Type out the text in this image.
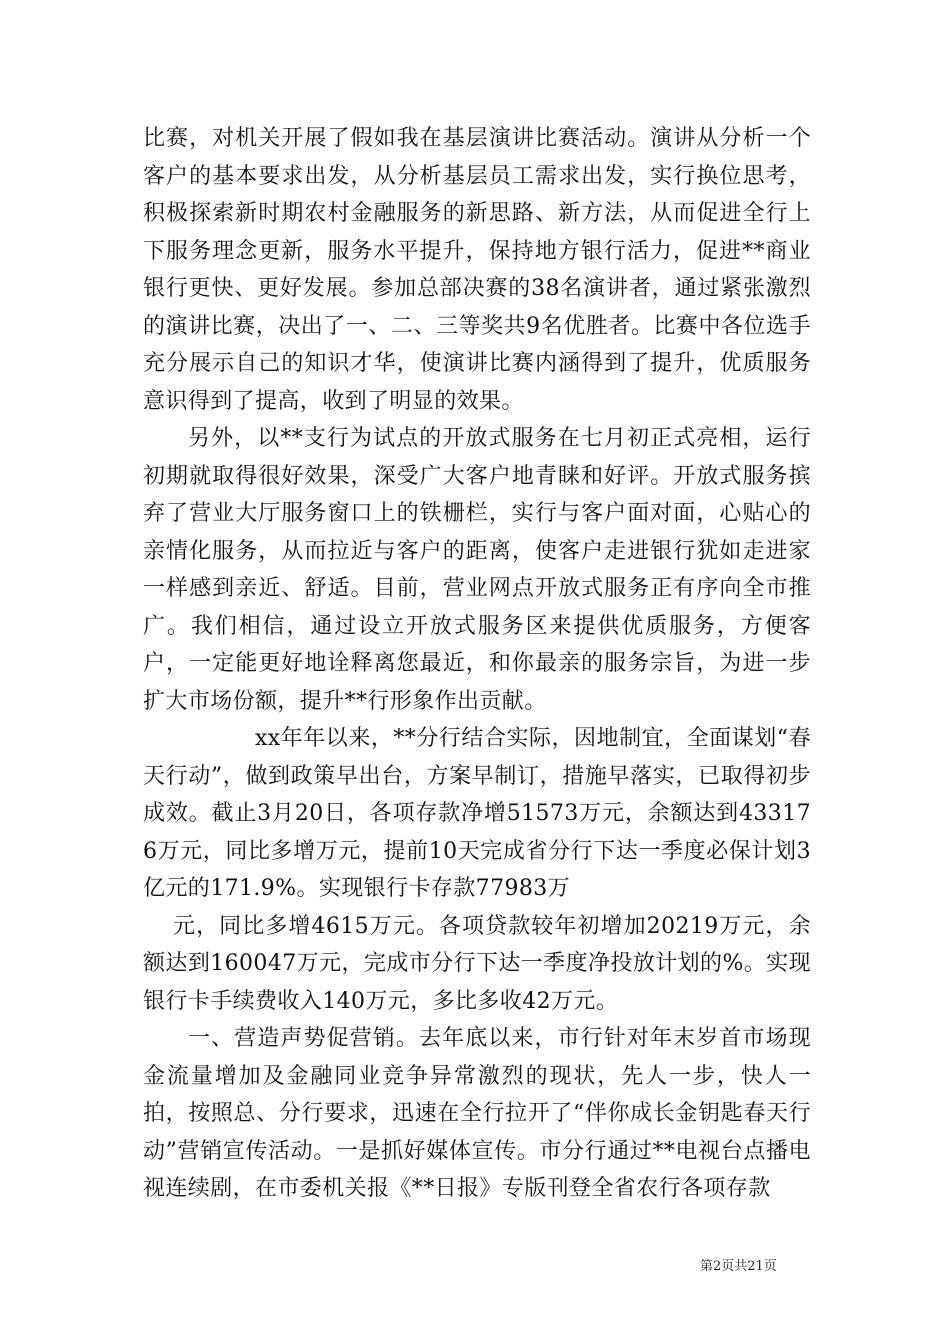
比赛，对机关开展了假如我在基层演讲比赛活动。演讲从分析一个客户的基本要求出发，从分析基层员工需求出发，实行换位思考，积极探索新时期农村金融服务的新思路、新方法，从而促进全行上下服务理念更新，服务水平提升，保持地方银行活力，促进**商业银行更快、更好发展。参加总部决赛的38名演讲者，通过紧张激烈的演讲比赛，决出了一、二、三等奖共9名优胜者。比赛中各位选手充分展示自己的知识才华，使演讲比赛内涵得到了提升，优质服务意识得到了提高，收到了明显的效果。

另外，以**支行为试点的开放式服务在七月初正式亮相，运行初期就取得很好效果，深受广大客户地青睐和好评。开放式服务摈弃了营业大厅服务窗口上的铁栅栏，实行与客户面对面，心贴心的亲情化服务，从而拉近与客户的距离，使客户走进银行犹如走进家一样感到亲近、舒适。目前，营业网点开放式服务正有序向全市推广。我们相信，通过设立开放式服务区来提供优质服务，方便客户，一定能更好地诠释离您最近，和你最亲的服务宗旨，为进一步扩大市场份额，提升**行形象作出贡献。

xx年年以来，**分行结合实际，因地制宜，全面谋划“春天行动”，做到政策早出台，方案早制订，措施早落实，已取得初步成效。截止3月20日，各项存款净增51573万元，余额达到433176万元，同比多增万元，提前10天完成省分行下达一季度必保计划3亿元的171.9%。实现银行卡存款77983万

元，同比多增4615万元。各项贷款较年初增加20219万元，余额达到160047万元，完成市分行下达一季度净投放计划的%。实现银行卡手续费收入140万元，多比多收42万元。

一、营造声势促营销。去年底以来，市行针对年末岁首市场现金流量增加及金融同业竞争异常激烈的现状，先人一步，快人一拍，按照总、分行要求，迅速在全行拉开了“伴你成长金钥匙春天行动”营销宣传活动。一是抓好媒体宣传。市分行通过**电视台点播电视连续剧，在市委机关报《**日报》专版刊登全省农行各项存款

第2页共21页
